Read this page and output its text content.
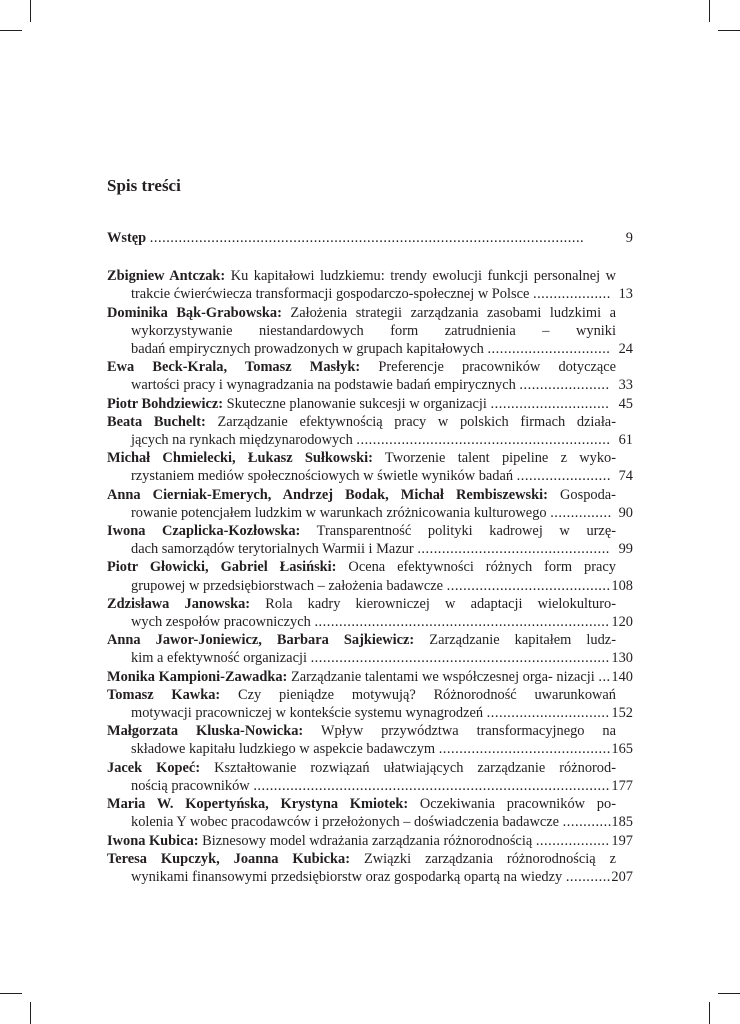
Spis treści
Wstęp ..........................................................................................................	9
Zbigniew Antczak: Ku kapitałowi ludzkiemu: trendy ewolucji funkcji personalnej w trakcie ćwierćwiecza transformacji gospodarczo-społecznej w Polsce ................... 13
Dominika Bąk-Grabowska: Założenia strategii zarządzania zasobami ludzkimi a wykorzystywanie niestandardowych form zatrudnienia – wyniki badań empirycznych prowadzonych w grupach kapitałowych .............................. 24
Ewa Beck-Krala, Tomasz Masłyk: Preferencje pracowników dotyczące wartości pracy i wynagradzania na podstawie badań empirycznych ...................... 33
Piotr Bohdziewicz: Skuteczne planowanie sukcesji w organizacji ............................. 45
Beata Buchelt: Zarządzanie efektywnością pracy w polskich firmach działa- jących na rynkach międzynarodowych .............................................................. 61
Michał Chmielecki, Łukasz Sułkowski: Tworzenie talent pipeline z wyko- rzystaniem mediów społecznościowych w świetle wyników badań ....................... 74
Anna Cierniak-Emerych, Andrzej Bodak, Michał Rembiszewski: Gospoda- rowanie potencjałem ludzkim w warunkach zróżnicowania kulturowego ............... 90
Iwona Czaplicka-Kozłowska: Transparentność polityki kadrowej w urzę- dach samorządów terytorialnych Warmii i Mazur ............................................... 99
Piotr Głowicki, Gabriel Łasiński: Ocena efektywności różnych form pracy grupowej w przedsiębiorstwach – założenia badawcze ........................................ 108
Zdzisława Janowska: Rola kadry kierowniczej w adaptacji wielokulturo- wych zespołów pracowniczych ........................................................................ 120
Anna Jawor-Joniewicz, Barbara Sajkiewicz: Zarządzanie kapitałem ludz- kim a efektywność organizacji ......................................................................... 130
Monika Kampioni-Zawadka: Zarządzanie talentami we współczesnej orga- nizacji ... 140
Tomasz Kawka: Czy pieniądze motywują? Różnorodność uwarunkowań motywacji pracowniczej w kontekście systemu wynagrodzeń .............................. 152
Małgorzata Kluska-Nowicka: Wpływ przywództwa transformacyjnego na składowe kapitału ludzkiego w aspekcie badawczym .......................................... 165
Jacek Kopeć: Kształtowanie rozwiązań ułatwiających zarządzanie różnorod- nością pracowników ....................................................................................... 177
Maria W. Kopertyńska, Krystyna Kmiotek: Oczekiwania pracowników po- kolenia Y wobec pracodawców i przełożonych – doświadczenia badawcze ............ 185
Iwona Kubica: Biznesowy model wdrażania zarządzania różnorodnością .................. 197
Teresa Kupczyk, Joanna Kubicka: Związki zarządzania różnorodnością z wynikami finansowymi przedsiębiorstw oraz gospodarką opartą na wiedzy ........... 207
